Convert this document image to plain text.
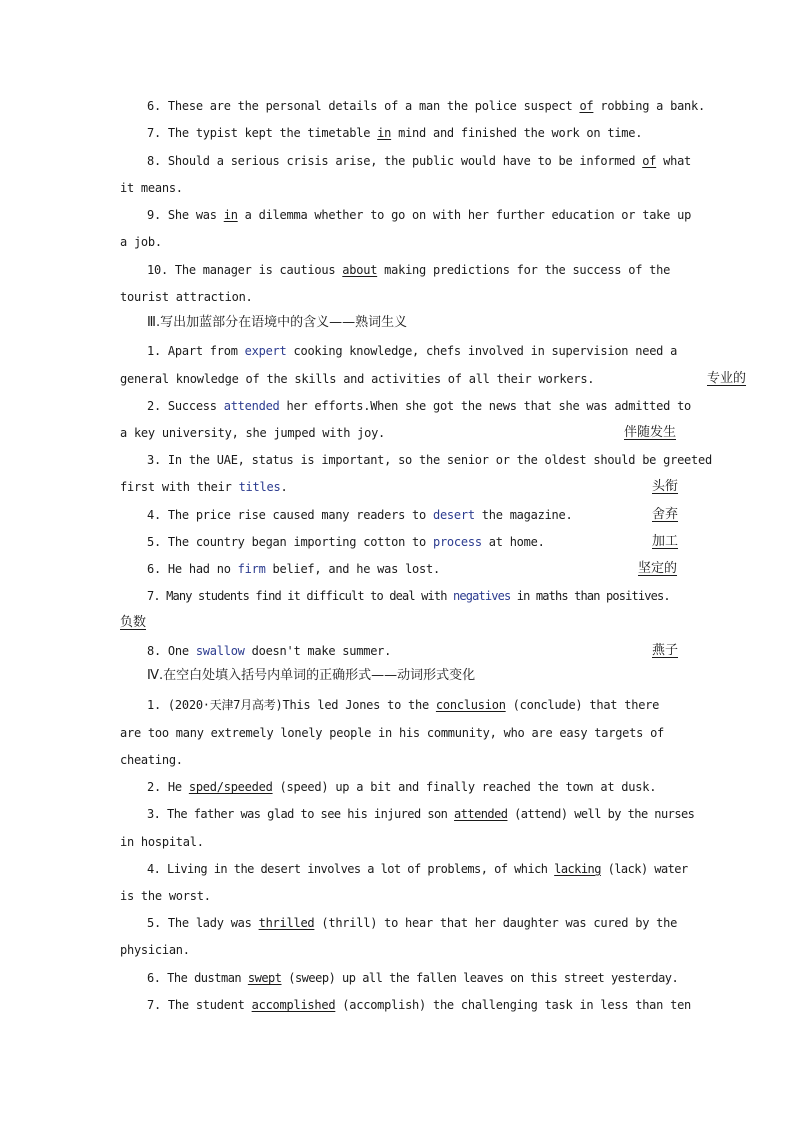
6. These are the personal details of a man the police suspect of robbing a bank.
7. The typist kept the timetable in mind and finished the work on time.
8. Should a serious crisis arise, the public would have to be informed of what
it means.
9. She was in a dilemma whether to go on with her further education or take up
a job.
10. The manager is cautious about making predictions for the success of the
tourist attraction.
Ⅲ.写出加蓝部分在语境中的含义——熟词生义
1. Apart from expert cooking knowledge, chefs involved in supervision need a
general knowledge of the skills and activities of all their workers.	专业的
2. Success attended her efforts.When she got the news that she was admitted to
a key university, she jumped with joy.	伴随发生
3. In the UAE, status is important, so the senior or the oldest should be greeted
first with their titles.	头衔
4. The price rise caused many readers to desert the magazine.	舍弃
5. The country began importing cotton to process at home.	加工
6. He had no firm belief, and he was lost.	坚定的
7. Many students find it difficult to deal with negatives in maths than positives.
负数
8. One swallow doesn't make summer.	燕子
Ⅳ.在空白处填入括号内单词的正确形式——动词形式变化
1. (2020·天津7月高考)This led Jones to the conclusion (conclude) that there
are too many extremely lonely people in his community, who are easy targets of
cheating.
2. He sped/speeded (speed) up a bit and finally reached the town at dusk.
3. The father was glad to see his injured son attended (attend) well by the nurses
in hospital.
4. Living in the desert involves a lot of problems, of which lacking (lack) water
is the worst.
5. The lady was thrilled (thrill) to hear that her daughter was cured by the
physician.
6. The dustman swept (sweep) up all the fallen leaves on this street yesterday.
7. The student accomplished (accomplish) the challenging task in less than ten
